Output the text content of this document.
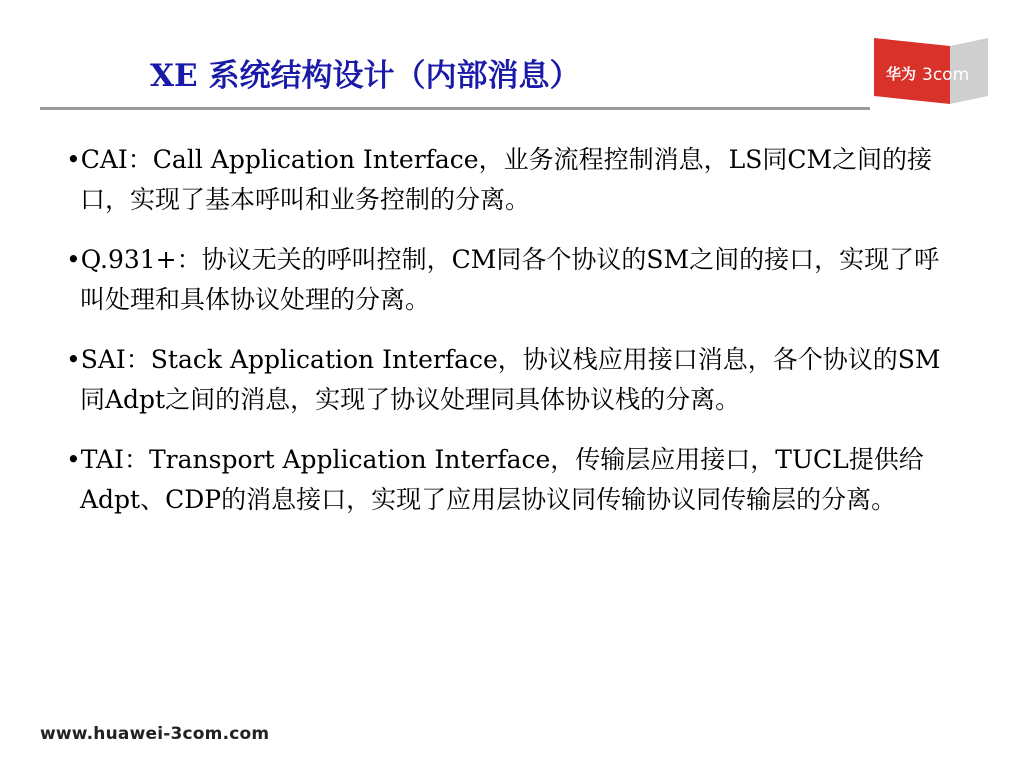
XE 系统结构设计（内部消息）	华为 3com
•CAI：Call Application Interface，业务流程控制消息，LS同CM之间的接口，实现了基本呼叫和业务控制的分离。
•Q.931+：协议无关的呼叫控制，CM同各个协议的SM之间的接口，实现了呼叫处理和具体协议处理的分离。
•SAI：Stack Application Interface，协议栈应用接口消息，各个协议的SM同Adpt之间的消息，实现了协议处理同具体协议栈的分离。
•TAI：Transport Application Interface，传输层应用接口，TUCL提供给Adpt、CDP的消息接口，实现了应用层协议同传输协议同传输层的分离。
www.huawei-3com.com
